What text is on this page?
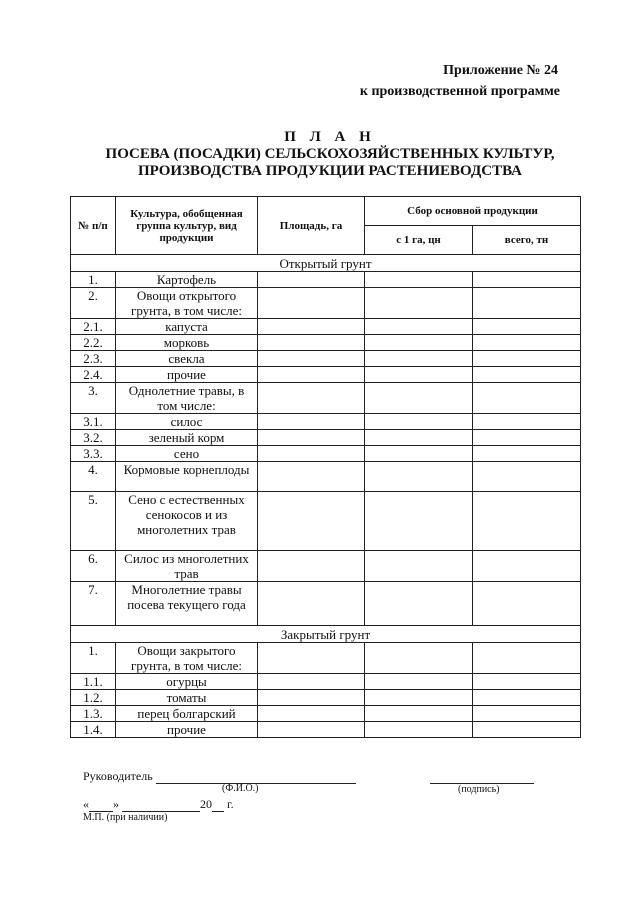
Приложение № 24
к производственной программе
П Л А Н
ПОСЕВА (ПОСАДКИ) СЕЛЬСКОХОЗЯЙСТВЕННЫХ КУЛЬТУР,
ПРОИЗВОДСТВА ПРОДУКЦИИ РАСТЕНИЕВОДСТВА
№ п/п	Культура, обобщенная группа культур, вид продукции	Площадь, га	Сбор основной продукции	
			с 1 га, цн	всего, тн
Открытый грунт				
1.	Картофель			
2.	Овощи открытого грунта, в том числе:			
2.1.	капуста			
2.2.	морковь			
2.3.	свекла			
2.4.	прочие			
3.	Однолетние травы, в том числе:			
3.1.	силос			
3.2.	зеленый корм			
3.3.	сено			
4.	Кормовые корнеплоды			
5.	Сено с естественных сенокосов и из многолетних трав			
6.	Силос из многолетних трав			
7.	Многолетние травы посева текущего года			
Закрытый грунт				
1.	Овощи закрытого грунта, в том числе:			
1.1.	огурцы			
1.2.	томаты			
1.3.	перец болгарский			
1.4.	прочие			
Руководитель
(Ф.И.О.)	(подпись)
« »	20 г.
М.П. (при наличии)
